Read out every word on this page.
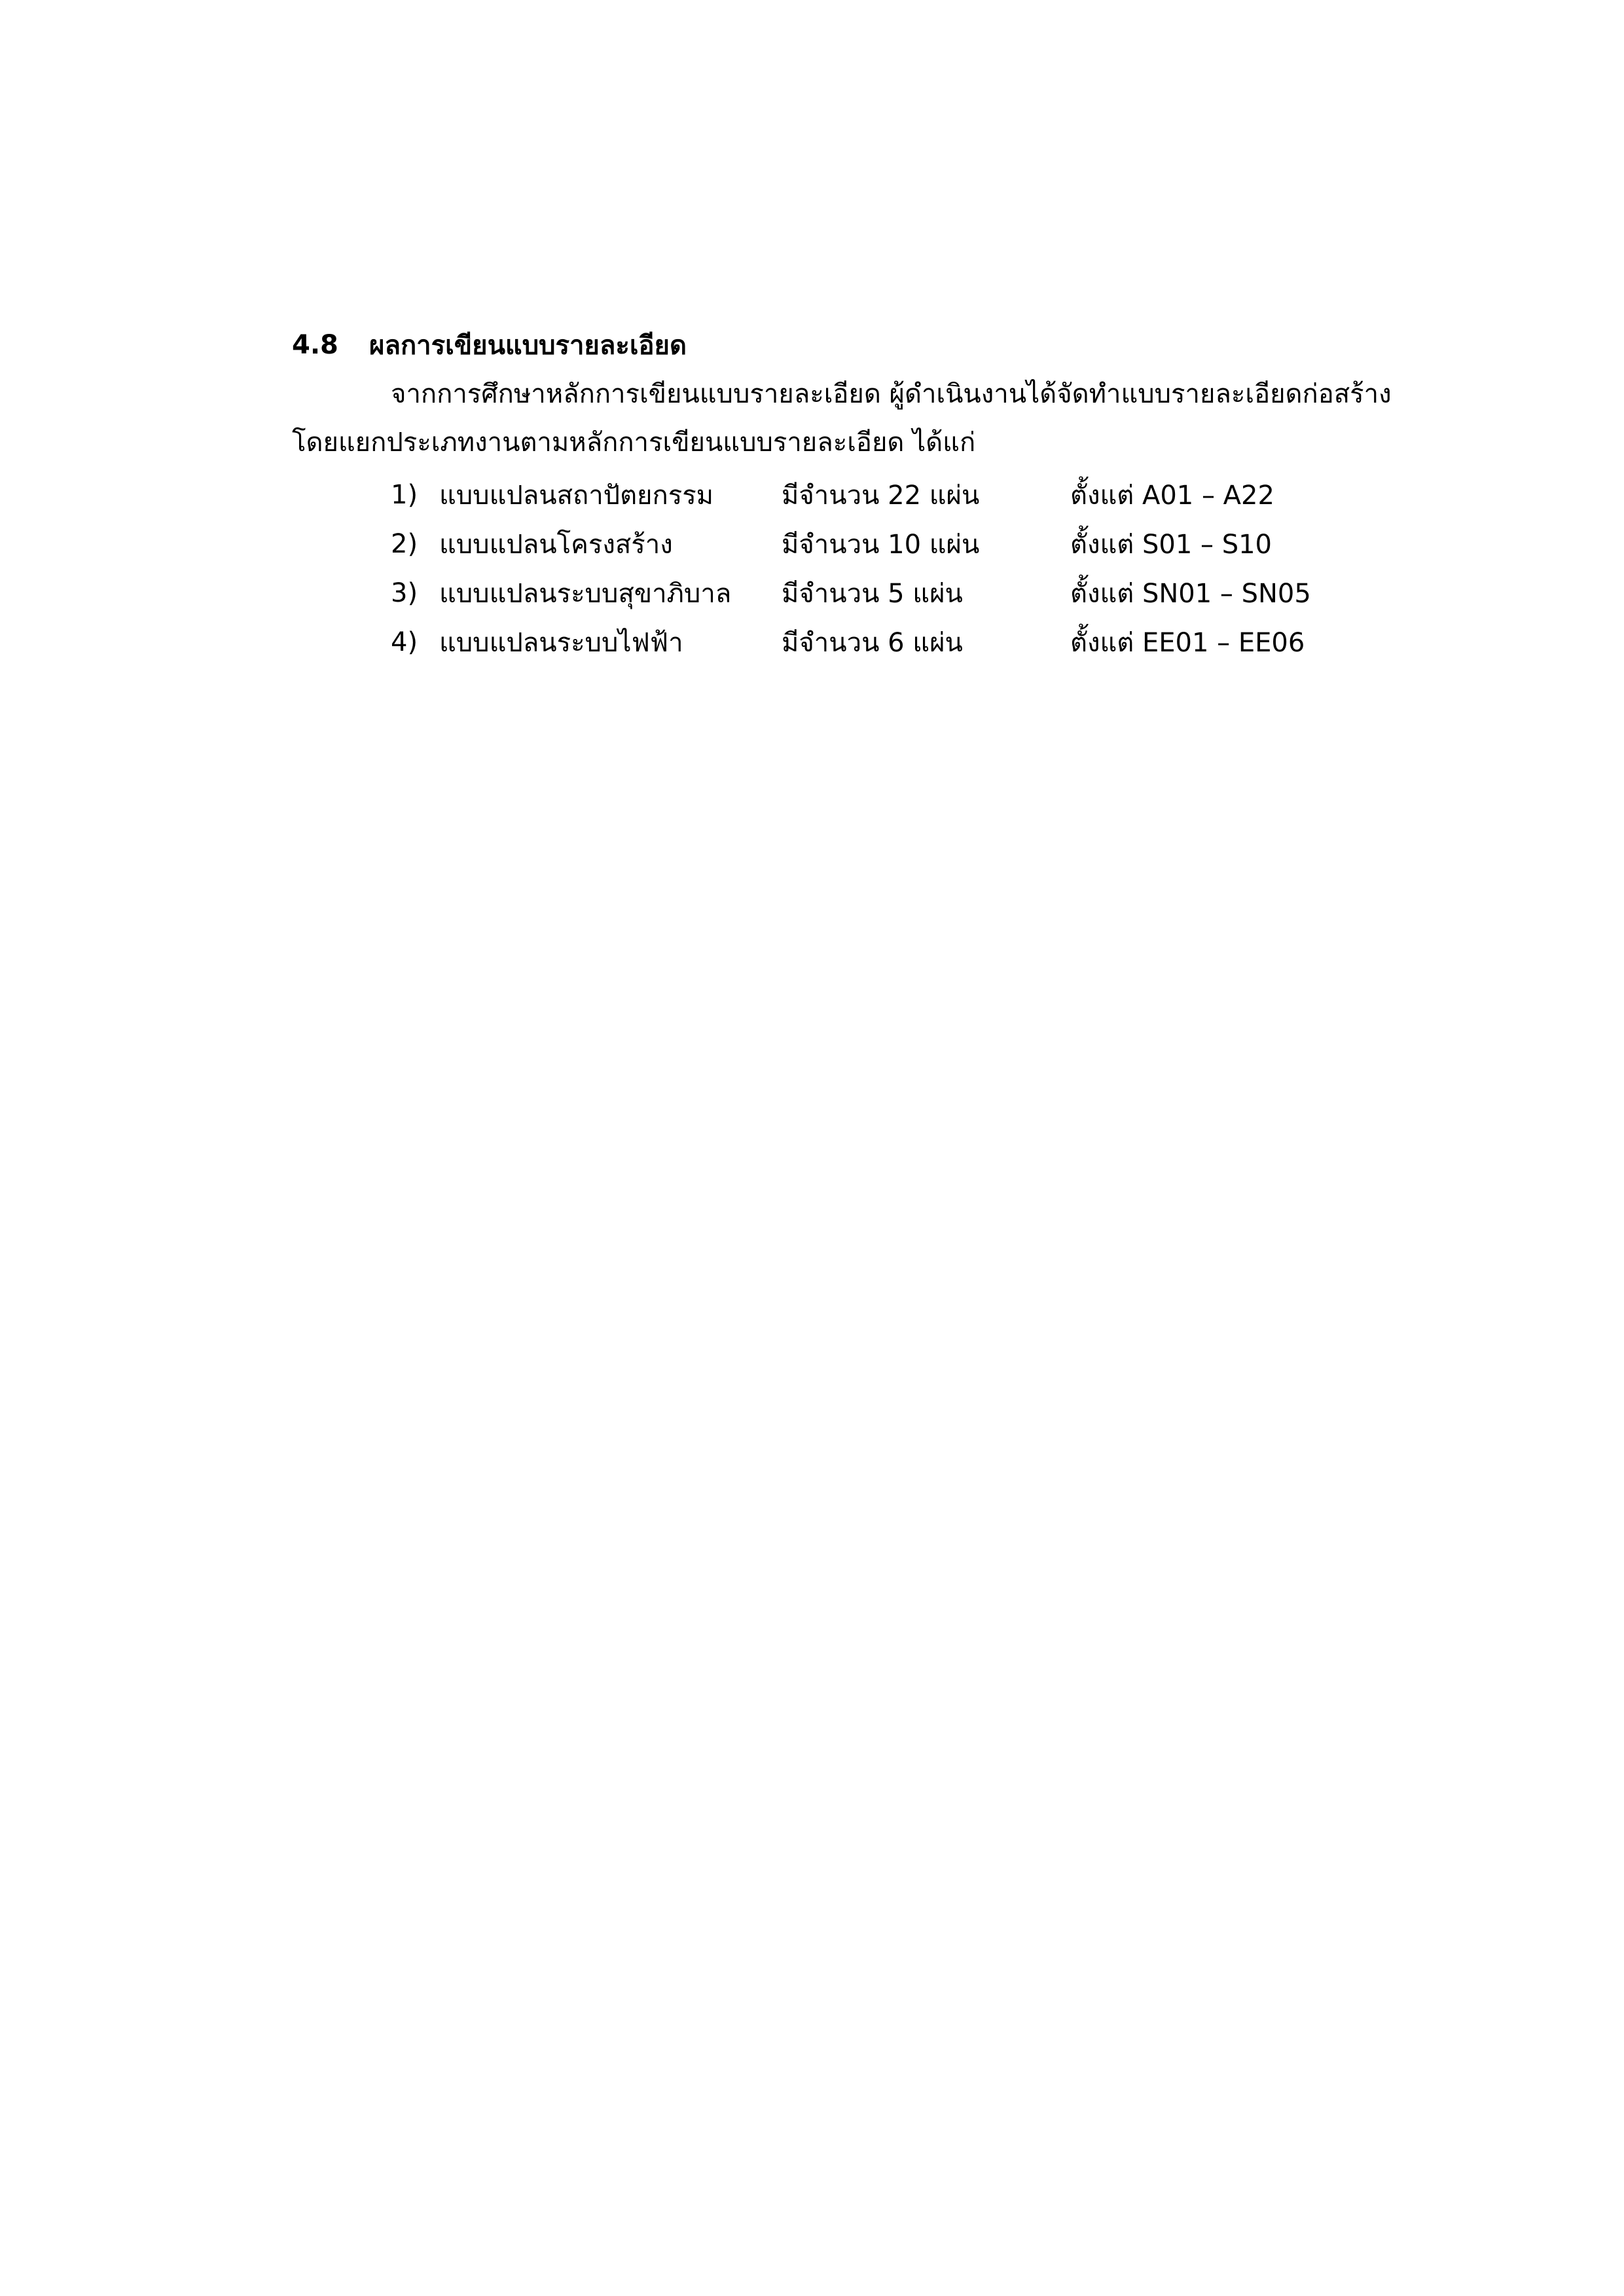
4.8	ผลการเขียนแบบรายละเอียด
จากการศึกษาหลักการเขียนแบบรายละเอียด ผู้ดำเนินงานได้จัดทำแบบรายละเอียดก่อสร้าง
โดยแยกประเภทงานตามหลักการเขียนแบบรายละเอียด ได้แก่
1) แบบแปลนสถาปัตยกรรม	มีจำนวน 22 แผ่น	ตั้งแต่ A01 – A22
2) แบบแปลนโครงสร้าง	มีจำนวน 10 แผ่น	ตั้งแต่ S01 – S10
3) แบบแปลนระบบสุขาภิบาล มีจำนวน 5 แผ่น	ตั้งแต่ SN01 – SN05
4) แบบแปลนระบบไฟฟ้า	มีจำนวน 6 แผ่น	ตั้งแต่ EE01 – EE06
